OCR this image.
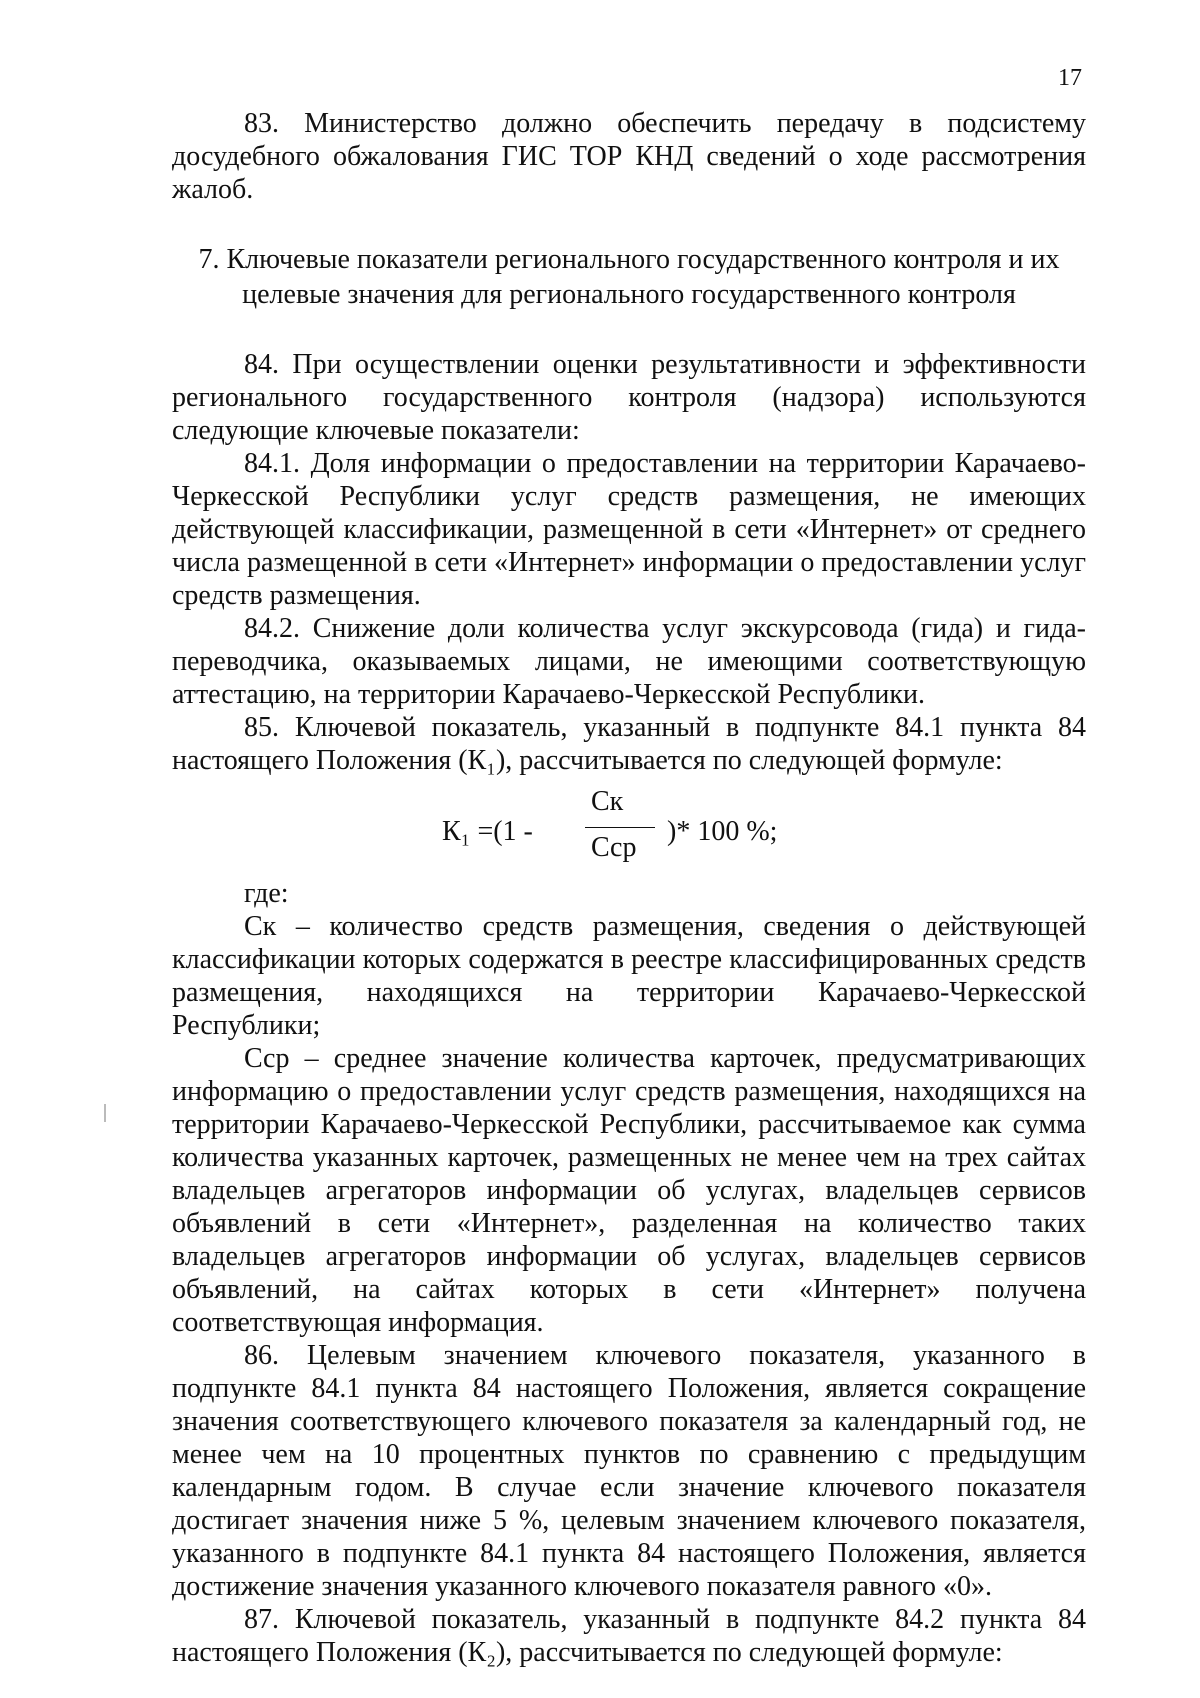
17

83. Министерство должно обеспечить передачу в подсистему досудебного обжалования ГИС ТОР КНД сведений о ходе рассмотрения жалоб.

7. Ключевые показатели регионального государственного контроля и их целевые значения для регионального государственного контроля

84. При осуществлении оценки результативности и эффективности регионального государственного контроля (надзора) используются следующие ключевые показатели:

84.1. Доля информации о предоставлении на территории Карачаево-Черкесской Республики услуг средств размещения, не имеющих действующей классификации, размещенной в сети «Интернет» от среднего числа размещенной в сети «Интернет» информации о предоставлении услуг средств размещения.

84.2. Снижение доли количества услуг экскурсовода (гида) и гида-переводчика, оказываемых лицами, не имеющими соответствующую аттестацию, на территории Карачаево-Черкесской Республики.

85. Ключевой показатель, указанный в подпункте 84.1 пункта 84 настоящего Положения (К₁), рассчитывается по следующей формуле:

К₁ =(1 -
Ск
Сср
)* 100 %;

где:

Ск – количество средств размещения, сведения о действующей классификации которых содержатся в реестре классифицированных средств размещения, находящихся на территории Карачаево-Черкесской Республики;

Сср – среднее значение количества карточек, предусматривающих информацию о предоставлении услуг средств размещения, находящихся на территории Карачаево-Черкесской Республики, рассчитываемое как сумма количества указанных карточек, размещенных не менее чем на трех сайтах владельцев агрегаторов информации об услугах, владельцев сервисов объявлений в сети «Интернет», разделенная на количество таких владельцев агрегаторов информации об услугах, владельцев сервисов объявлений, на сайтах которых в сети «Интернет» получена соответствующая информация.

86. Целевым значением ключевого показателя, указанного в подпункте 84.1 пункта 84 настоящего Положения, является сокращение значения соответствующего ключевого показателя за календарный год, не менее чем на 10 процентных пунктов по сравнению с предыдущим календарным годом. В случае если значение ключевого показателя достигает значения ниже 5 %, целевым значением ключевого показателя, указанного в подпункте 84.1 пункта 84 настоящего Положения, является достижение значения указанного ключевого показателя равного «0».

87. Ключевой показатель, указанный в подпункте 84.2 пункта 84 настоящего Положения (К₂), рассчитывается по следующей формуле:
